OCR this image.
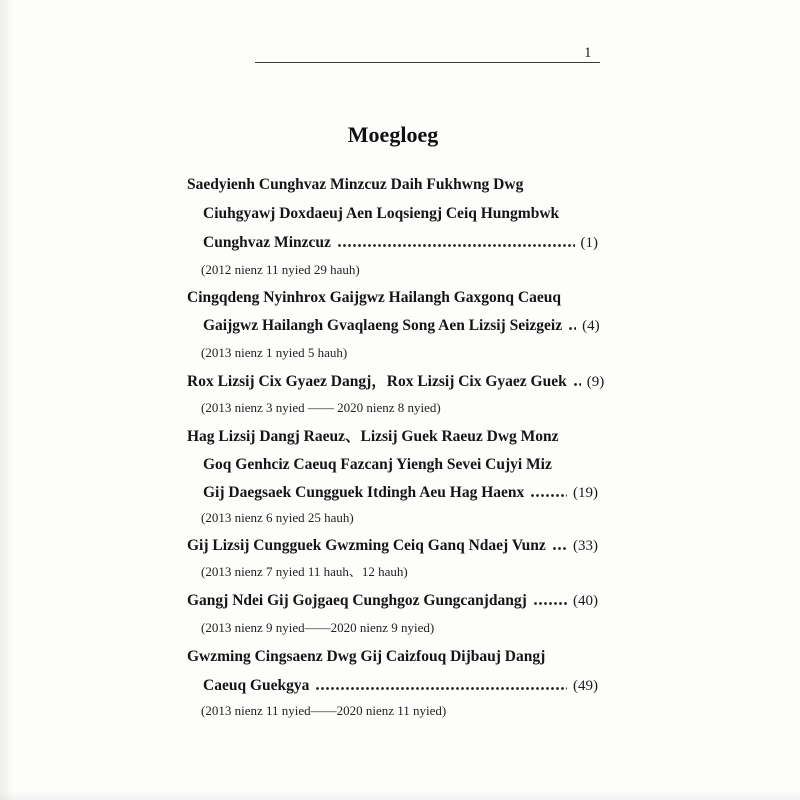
1
Moegloeg
Saedyienh Cunghvaz Minzcuz Daih Fukhwng Dwg
Ciuhgyawj Doxdaeuj Aen Loqsiengj Ceiq Hungmbwk
Cunghvaz Minzcuz	(1)
(2012 nienz 11 nyied 29 hauh)
Cingqdeng Nyinhrox Gaijgwz Hailangh Gaxgonq Caeuq
Gaijgwz Hailangh Gvaqlaeng Song Aen Lizsij Seizgeiz (4)
(2013 nienz 1 nyied 5 hauh)
Rox Lizsij Cix Gyaez Dangj，Rox Lizsij Cix Gyaez Guek (9)
(2013 nienz 3 nyied —— 2020 nienz 8 nyied)
Hag Lizsij Dangj Raeuz、Lizsij Guek Raeuz Dwg Monz
Goq Genhciz Caeuq Fazcanj Yiengh Sevei Cujyi Miz
Gij Daegsaek Cungguek Itdingh Aeu Hag Haenx	(19)
(2013 nienz 6 nyied 25 hauh)
Gij Lizsij Cungguek Gwzming Ceiq Ganq Ndaej Vunz (33)
(2013 nienz 7 nyied 11 hauh、12 hauh)
Gangj Ndei Gij Gojgaeq Cunghgoz Gungcanjdangj	(40)
(2013 nienz 9 nyied——2020 nienz 9 nyied)
Gwzming Cingsaenz Dwg Gij Caizfouq Dijbauj Dangj
Caeuq Guekgya	(49)
(2013 nienz 11 nyied——2020 nienz 11 nyied)
